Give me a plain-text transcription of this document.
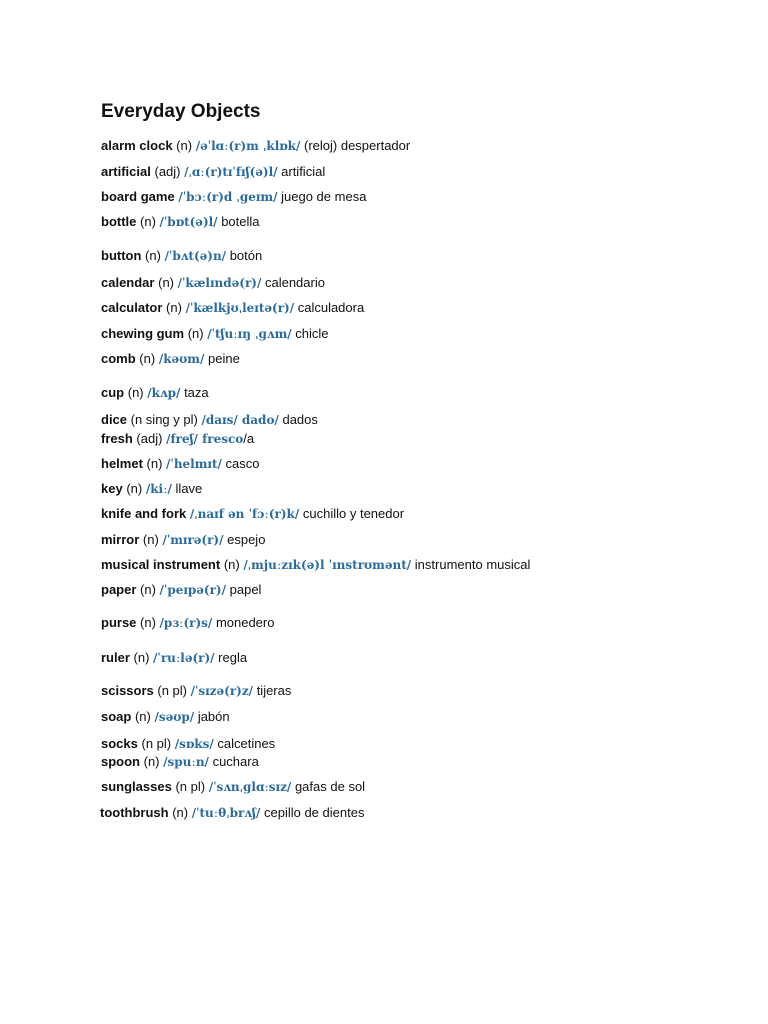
Everyday Objects
alarm clock (n) /əˈlɑː(r)m ˌklɒk/ (reloj) despertador
artificial (adj) /ˌɑː(r)tɪˈfɪʃ(ə)l/ artificial
board game /ˈbɔː(r)d ˌɡeɪm/ juego de mesa
bottle (n) /ˈbɒt(ə)l/ botella
button (n) /ˈbʌt(ə)n/ botón
calendar (n) /ˈkælɪndə(r)/ calendario
calculator (n) /ˈkælkjʊˌleɪtə(r)/ calculadora
chewing gum (n) /ˈtʃuːɪŋ ˌɡʌm/ chicle
comb (n) /kəʊm/ peine
cup (n) /kʌp/ taza
dice (n sing y pl) /daɪs/ dado/ dados
fresh (adj) /freʃ/ fresco/a
helmet (n) /ˈhelmɪt/ casco
key (n) /kiː/ llave
knife and fork /ˌnaɪf ən ˈfɔː(r)k/ cuchillo y tenedor
mirror (n) /ˈmɪrə(r)/ espejo
musical instrument (n) /ˌmjuːzɪk(ə)l ˈɪnstrʊmənt/ instrumento musical
paper (n) /ˈpeɪpə(r)/ papel
purse (n) /pɜː(r)s/ monedero
ruler (n) /ˈruːlə(r)/ regla
scissors (n pl) /ˈsɪzə(r)z/ tijeras
soap (n) /səʊp/ jabón
socks (n pl) /sɒks/ calcetines
spoon (n) /spuːn/ cuchara
sunglasses (n pl) /ˈsʌnˌɡlɑːsɪz/ gafas de sol
toothbrush (n) /ˈtuːθˌbrʌʃ/ cepillo de dientes
